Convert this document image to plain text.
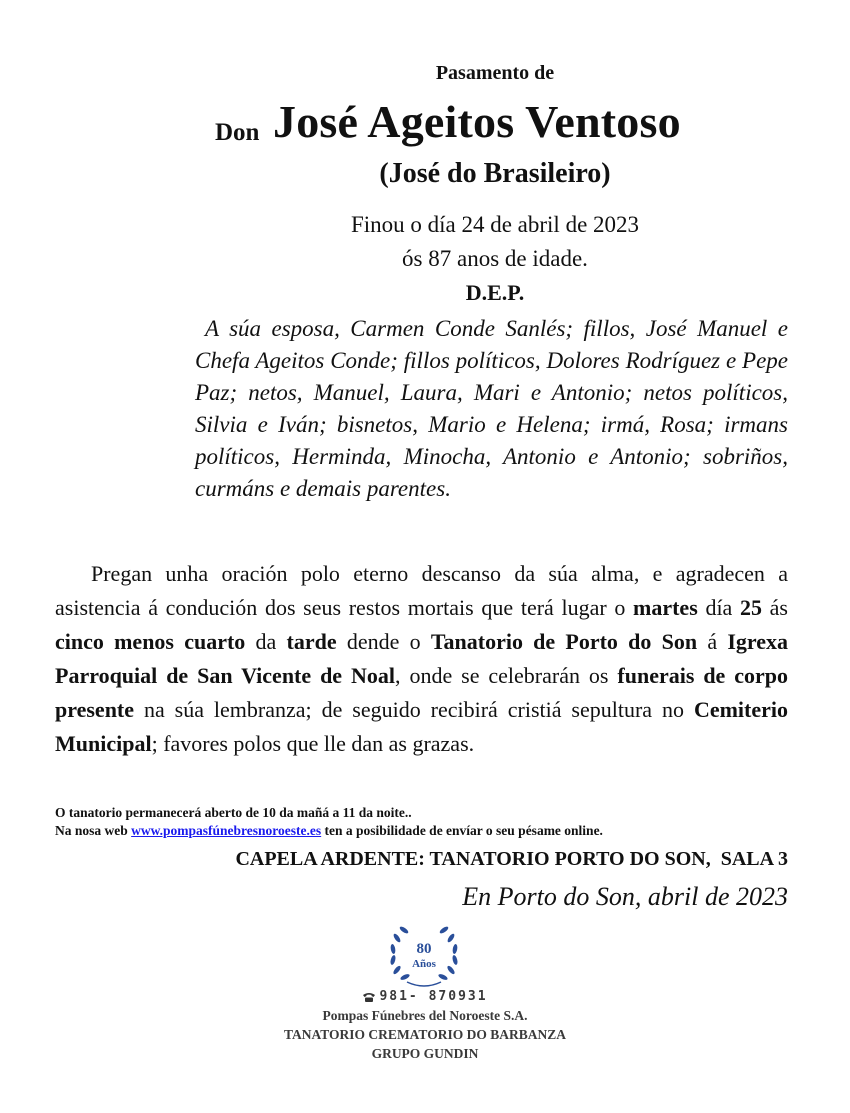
Pasamento de
Don José Ageitos Ventoso
(José do Brasileiro)
Finou o día 24 de abril de 2023
ós 87 anos de idade.
D.E.P.
A súa esposa, Carmen Conde Sanlés; fillos, José Manuel e Chefa Ageitos Conde; fillos políticos, Dolores Rodríguez e Pepe Paz; netos, Manuel, Laura, Mari e Antonio; netos políticos, Silvia e Iván; bisnetos, Mario e Helena; irmá, Rosa; irmans políticos, Herminda, Minocha, Antonio e Antonio; sobriños, curmáns e demais parentes.
Pregan unha oración polo eterno descanso da súa alma, e agradecen a asistencia á condución dos seus restos mortais que terá lugar o martes día 25 ás cinco menos cuarto da tarde dende o Tanatorio de Porto do Son á Igrexa Parroquial de San Vicente de Noal, onde se celebrarán os funerais de corpo presente na súa lembranza; de seguido recibirá cristiá sepultura no Cemiterio Municipal; favores polos que lle dan as grazas.
O tanatorio permanecerá aberto de 10 da mañá a 11 da noite..
Na nosa web www.pompasfúnebresnoroeste.es ten a posibilidade de envíar o seu pésame online.
CAPELA ARDENTE: TANATORIO PORTO DO SON,  SALA 3
En Porto do Son, abril de 2023
80
Años
981- 870931
Pompas Fúnebres del Noroeste S.A.
TANATORIO CREMATORIO DO BARBANZA
GRUPO GUNDIN
